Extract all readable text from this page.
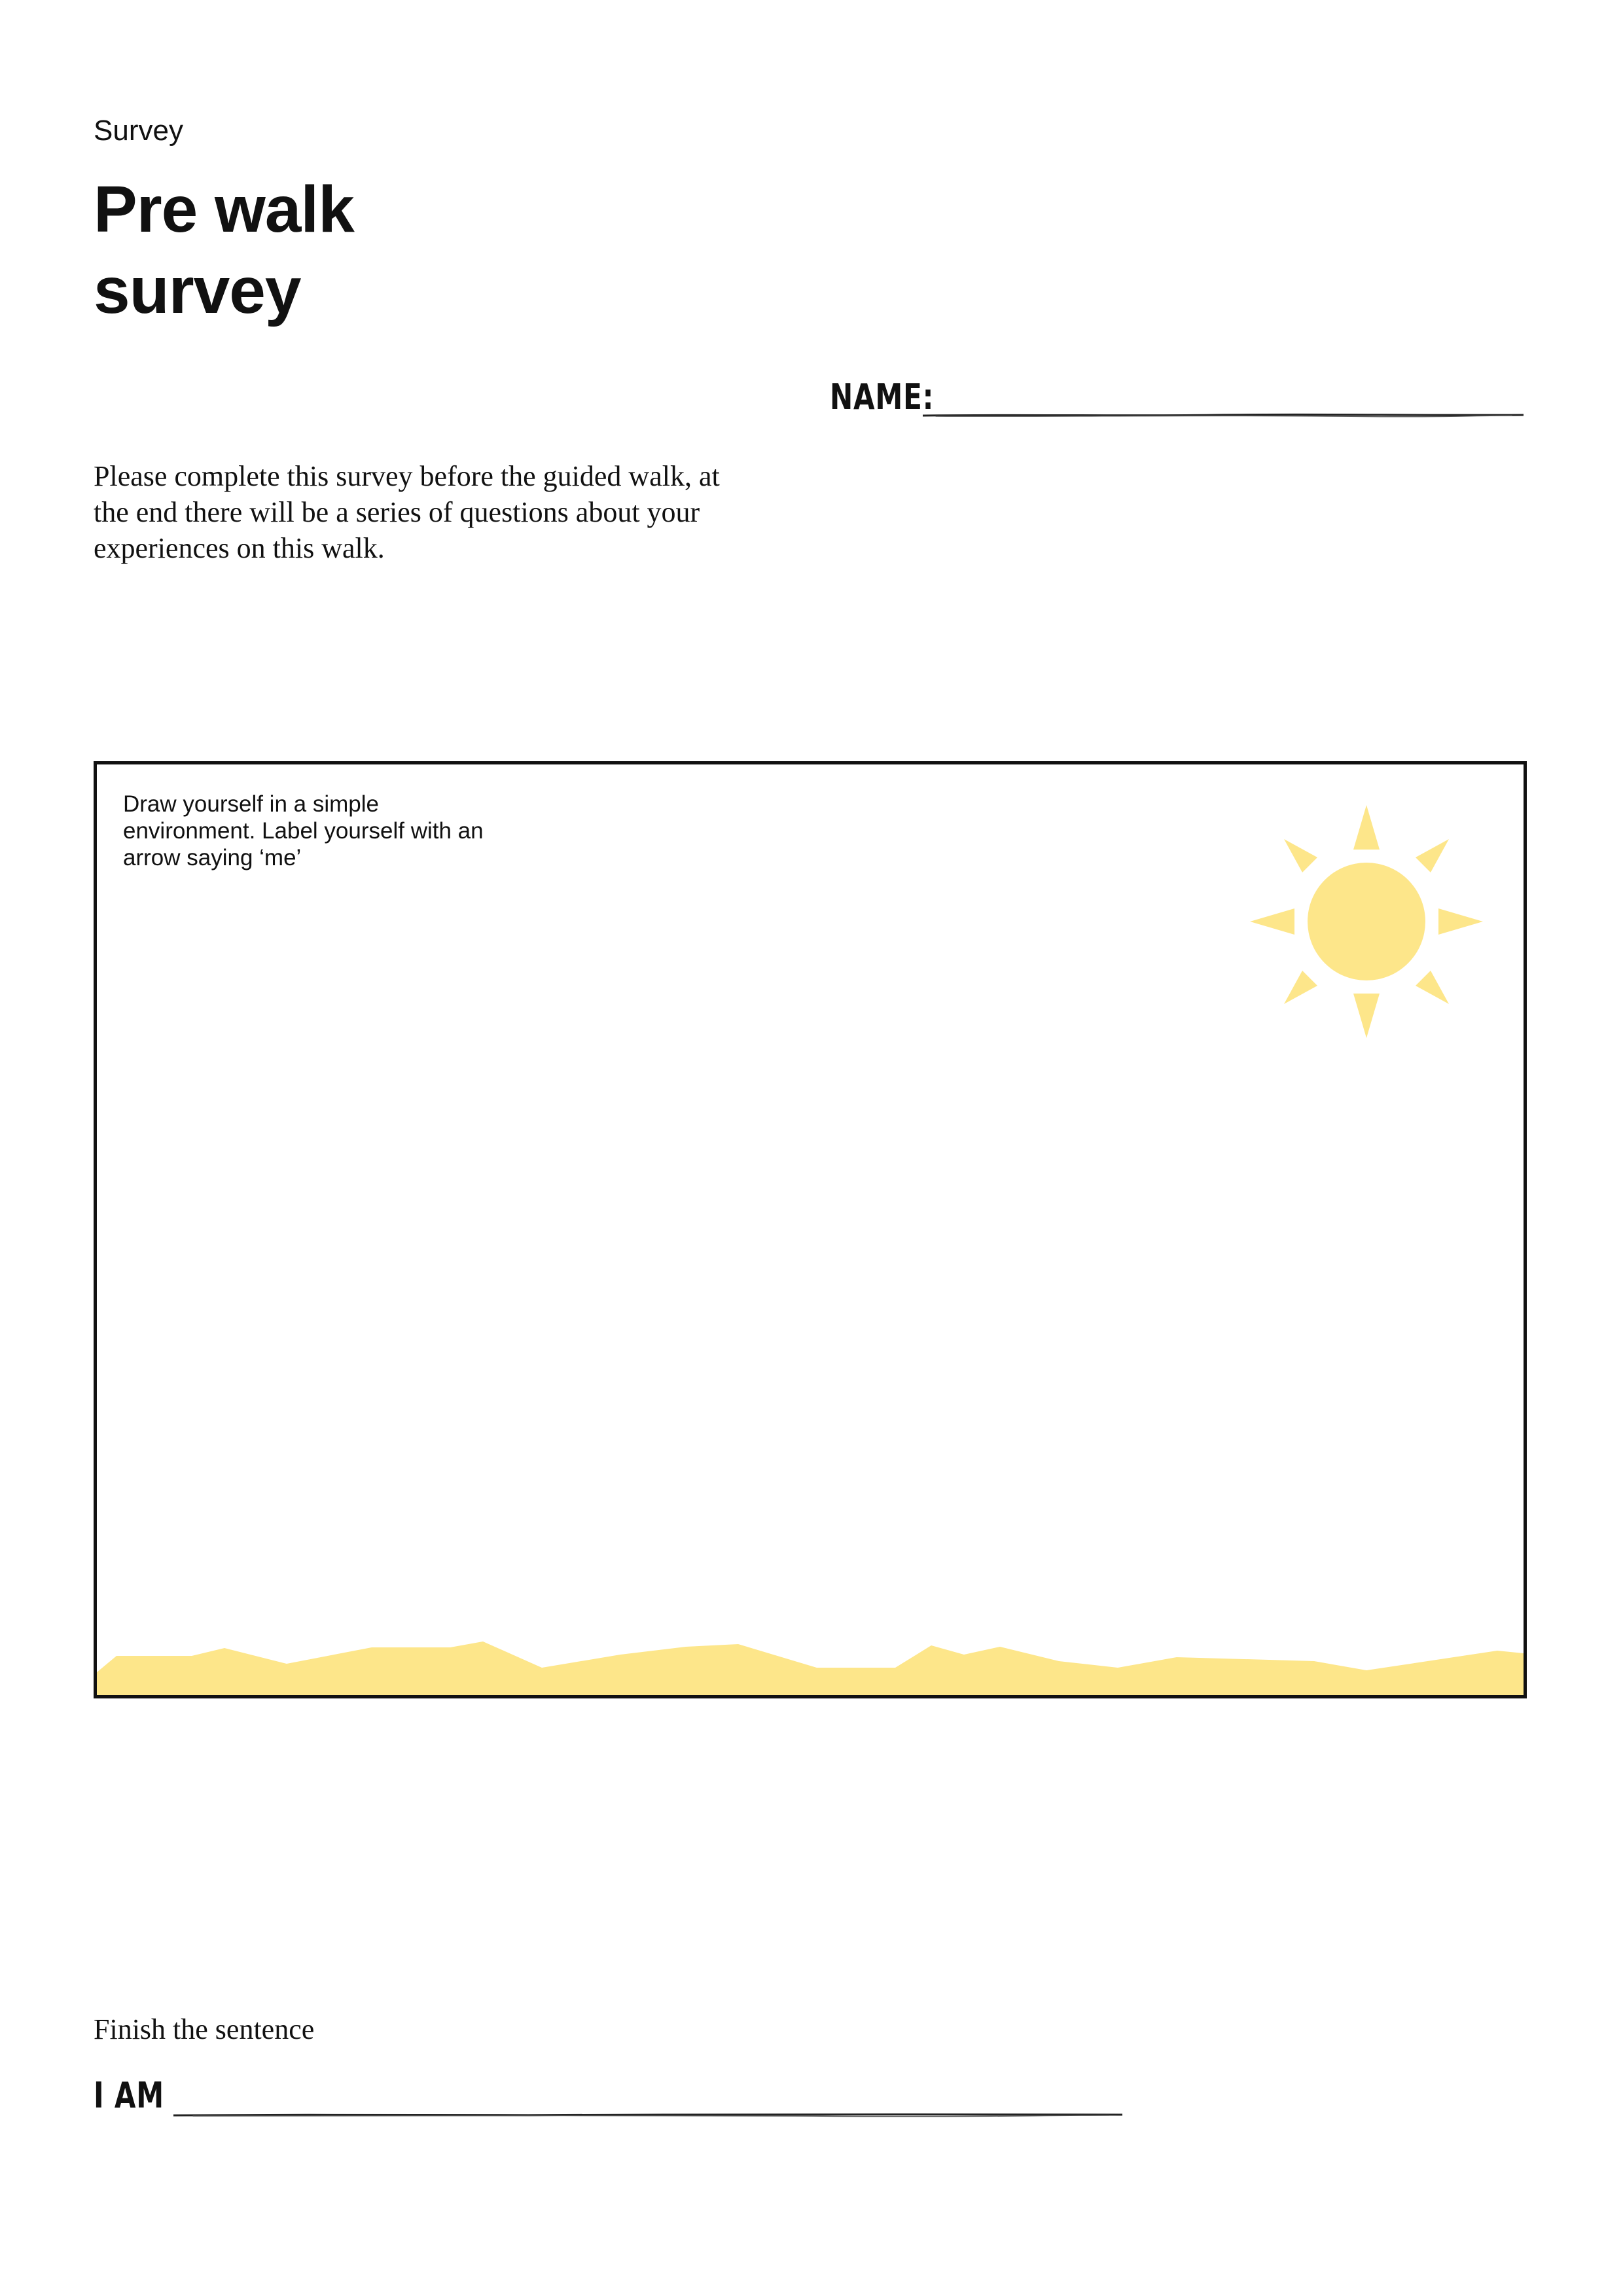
Survey
Pre walk
survey
NAME:

Please complete this survey before the guided walk, at the end there will be a series of questions about your experiences on this walk.

Draw yourself in a simple environment. Label yourself with an arrow saying ‘me’
Finish the sentence
I AM
